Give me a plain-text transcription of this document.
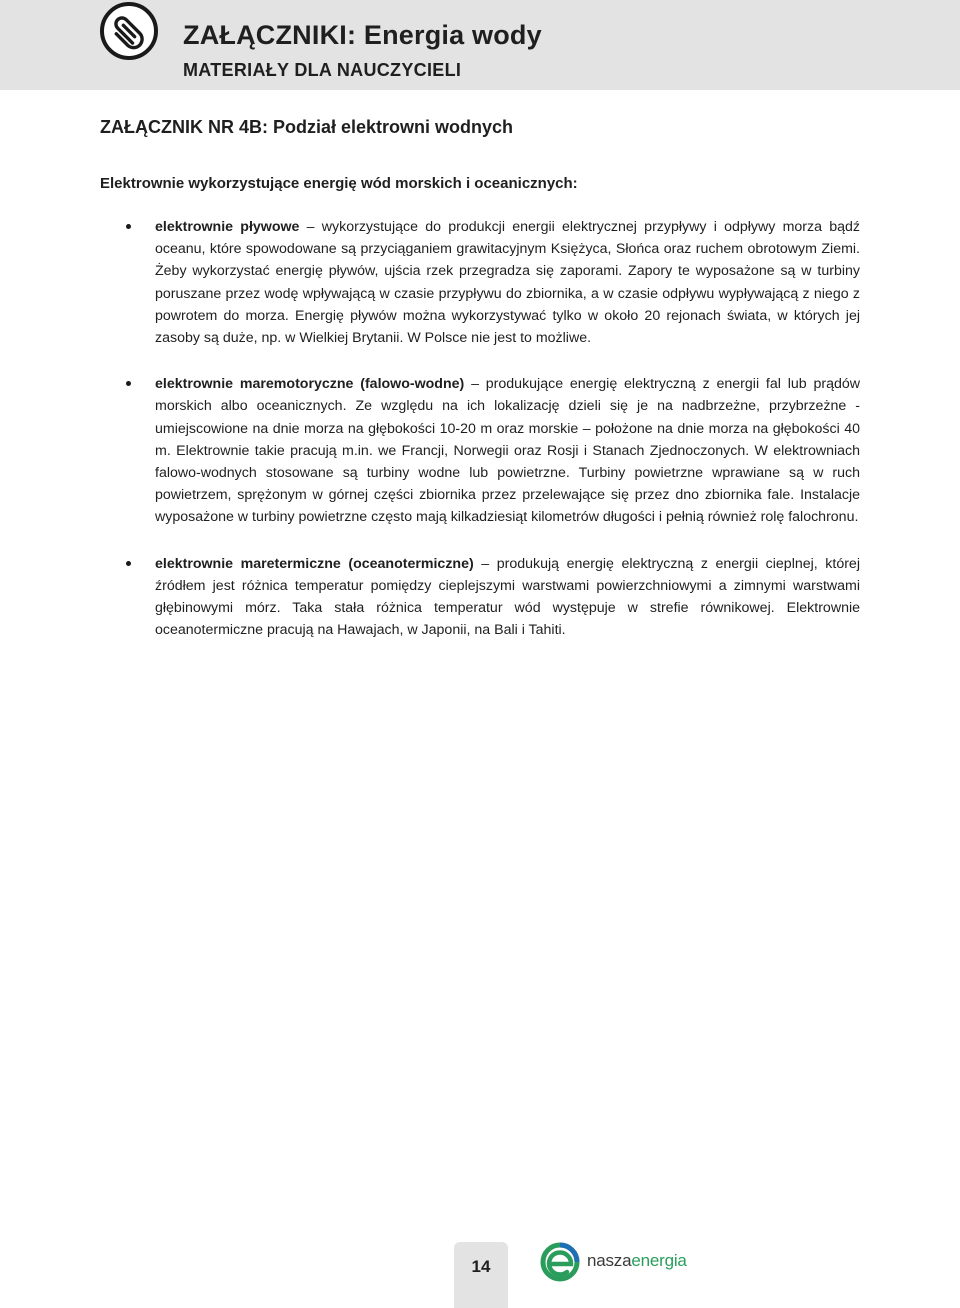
ZAŁĄCZNIKI: Energia wody
MATERIAŁY DLA NAUCZYCIELI
ZAŁĄCZNIK NR 4B: Podział elektrowni wodnych
Elektrownie wykorzystujące energię wód morskich i oceanicznych:
elektrownie pływowe – wykorzystujące do produkcji energii elektrycznej przypływy i odpływy morza bądź oceanu, które spowodowane są przyciąganiem grawitacyjnym Księżyca, Słońca oraz ruchem obrotowym Ziemi. Żeby wykorzystać energię pływów, ujścia rzek przegradza się zaporami. Zapory te wyposażone są w turbiny poruszane przez wodę wpływającą w czasie przypływu do zbiornika, a w czasie odpływu wypływającą z niego z powrotem do morza. Energię pływów można wykorzystywać tylko w około 20 rejonach świata, w których jej zasoby są duże, np. w Wielkiej Brytanii. W Polsce nie jest to możliwe.
elektrownie maremotoryczne (falowo-wodne) – produkujące energię elektryczną z energii fal lub prądów morskich albo oceanicznych. Ze względu na ich lokalizację dzieli się je na nadbrzeżne, przybrzeżne - umiejscowione na dnie morza na głębokości 10-20 m oraz morskie – położone na dnie morza na głębokości 40 m. Elektrownie takie pracują m.in. we Francji, Norwegii oraz Rosji i Stanach Zjednoczonych. W elektrowniach falowo-wodnych stosowane są turbiny wodne lub powietrzne. Turbiny powietrzne wprawiane są w ruch powietrzem, sprężonym w górnej części zbiornika przez przelewające się przez dno zbiornika fale. Instalacje wyposażone w turbiny powietrzne często mają kilkadziesiąt kilometrów długości i pełnią również rolę falochronu.
elektrownie maretermiczne (oceanotermiczne) – produkują energię elektryczną z energii cieplnej, której źródłem jest różnica temperatur pomiędzy cieplejszymi warstwami powierzchniowymi a zimnymi warstwami głębinowymi mórz. Taka stała różnica temperatur wód występuje w strefie równikowej. Elektrownie oceanotermiczne pracują na Hawajach, w Japonii, na Bali i Tahiti.
14	naszaenergia
